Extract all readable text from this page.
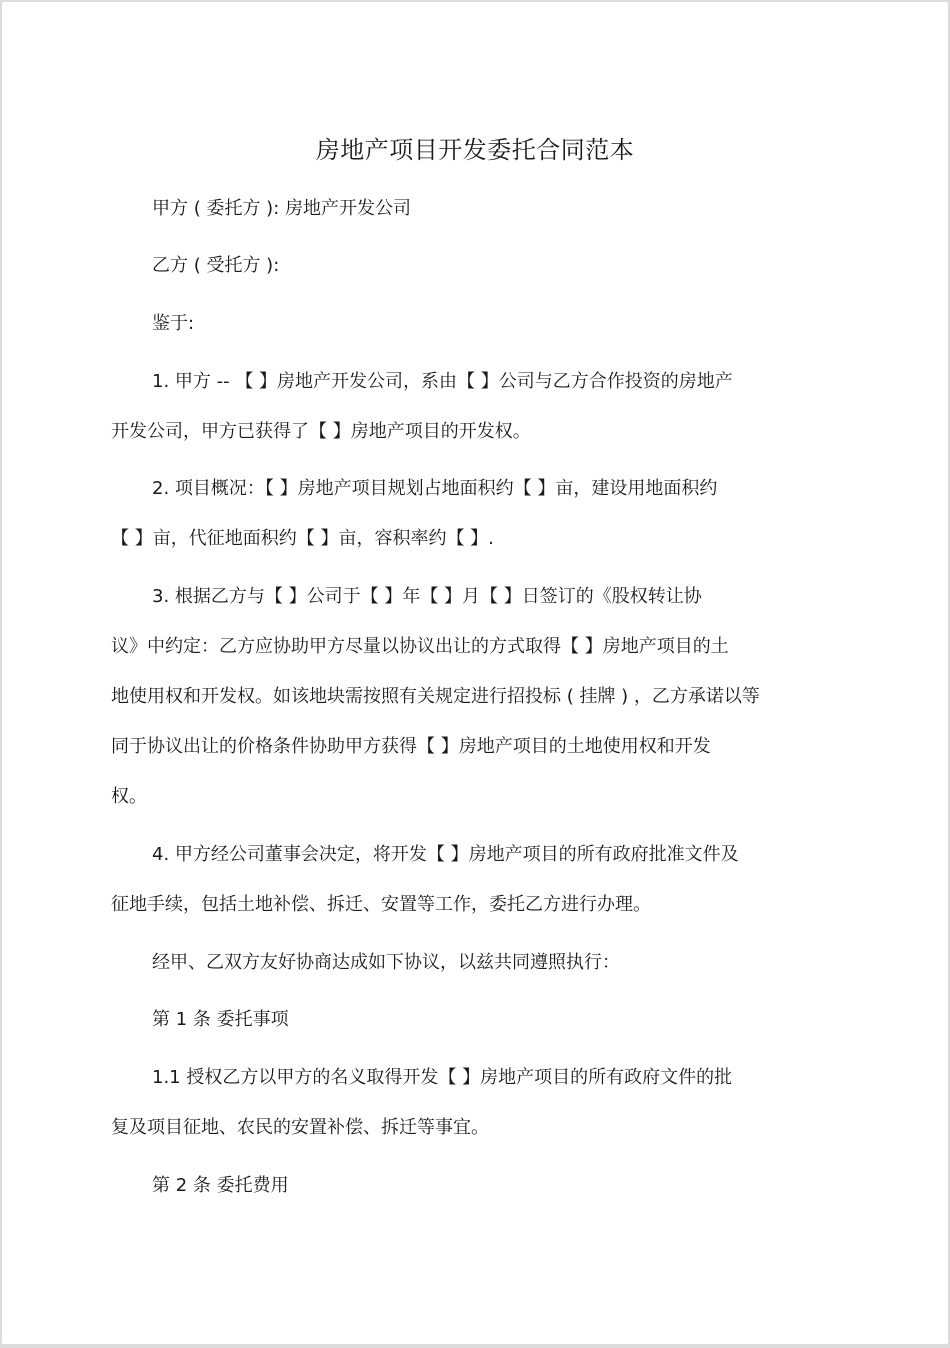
房地产项目开发委托合同范本
甲方 ( 委托方 ): 房地产开发公司
乙方 ( 受托方 ):
鉴于:
1. 甲方 -- 【 】房地产开发公司，系由【 】公司与乙方合作投资的房地产
开发公司，甲方已获得了【 】房地产项目的开发权。
2. 项目概况：【 】房地产项目规划占地面积约【 】亩，建设用地面积约
【 】亩，代征地面积约【 】亩，容积率约【 】.
3. 根据乙方与【 】公司于【 】年【 】月【 】日签订的《股权转让协
议》中约定：乙方应协助甲方尽量以协议出让的方式取得【 】房地产项目的土
地使用权和开发权。如该地块需按照有关规定进行招投标 ( 挂牌 ) ，乙方承诺以等
同于协议出让的价格条件协助甲方获得【 】房地产项目的土地使用权和开发
权。
4. 甲方经公司董事会决定，将开发【 】房地产项目的所有政府批准文件及
征地手续，包括土地补偿、拆迁、安置等工作，委托乙方进行办理。
经甲、乙双方友好协商达成如下协议，以兹共同遵照执行：
第 1 条 委托事项
1.1 授权乙方以甲方的名义取得开发【 】房地产项目的所有政府文件的批
复及项目征地、农民的安置补偿、拆迁等事宜。
第 2 条 委托费用
